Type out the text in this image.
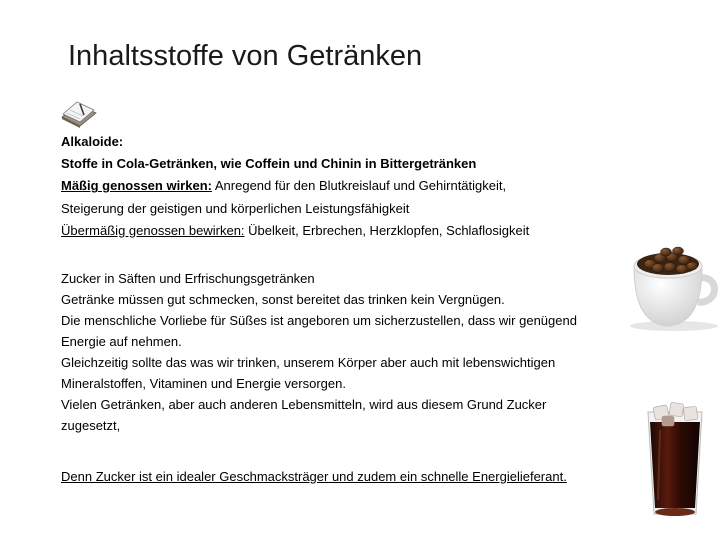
Inhaltsstoffe von Getränken
Alkaloide:
Stoffe in Cola-Getränken, wie Coffein und Chinin in Bittergetränken
Mäßig genossen wirken: Anregend für den Blutkreislauf und Gehirntätigkeit,
Steigerung der geistigen und körperlichen Leistungsfähigkeit
Übermäßig genossen bewirken: Übelkeit, Erbrechen, Herzklopfen, Schlaflosigkeit
Zucker in Säften und Erfrischungsgetränken
Getränke müssen gut schmecken, sonst bereitet das trinken kein Vergnügen.
Die menschliche Vorliebe für Süßes ist angeboren um sicherzustellen, dass wir genügend
Energie auf nehmen.
Gleichzeitig sollte das was wir trinken, unserem Körper aber auch mit lebenswichtigen
Mineralstoffen, Vitaminen und Energie versorgen.
Vielen Getränken, aber auch anderen Lebensmitteln, wird aus diesem Grund Zucker
zugesetzt,
Denn Zucker ist ein idealer Geschmacksträger und zudem ein schnelle Energielieferant.
